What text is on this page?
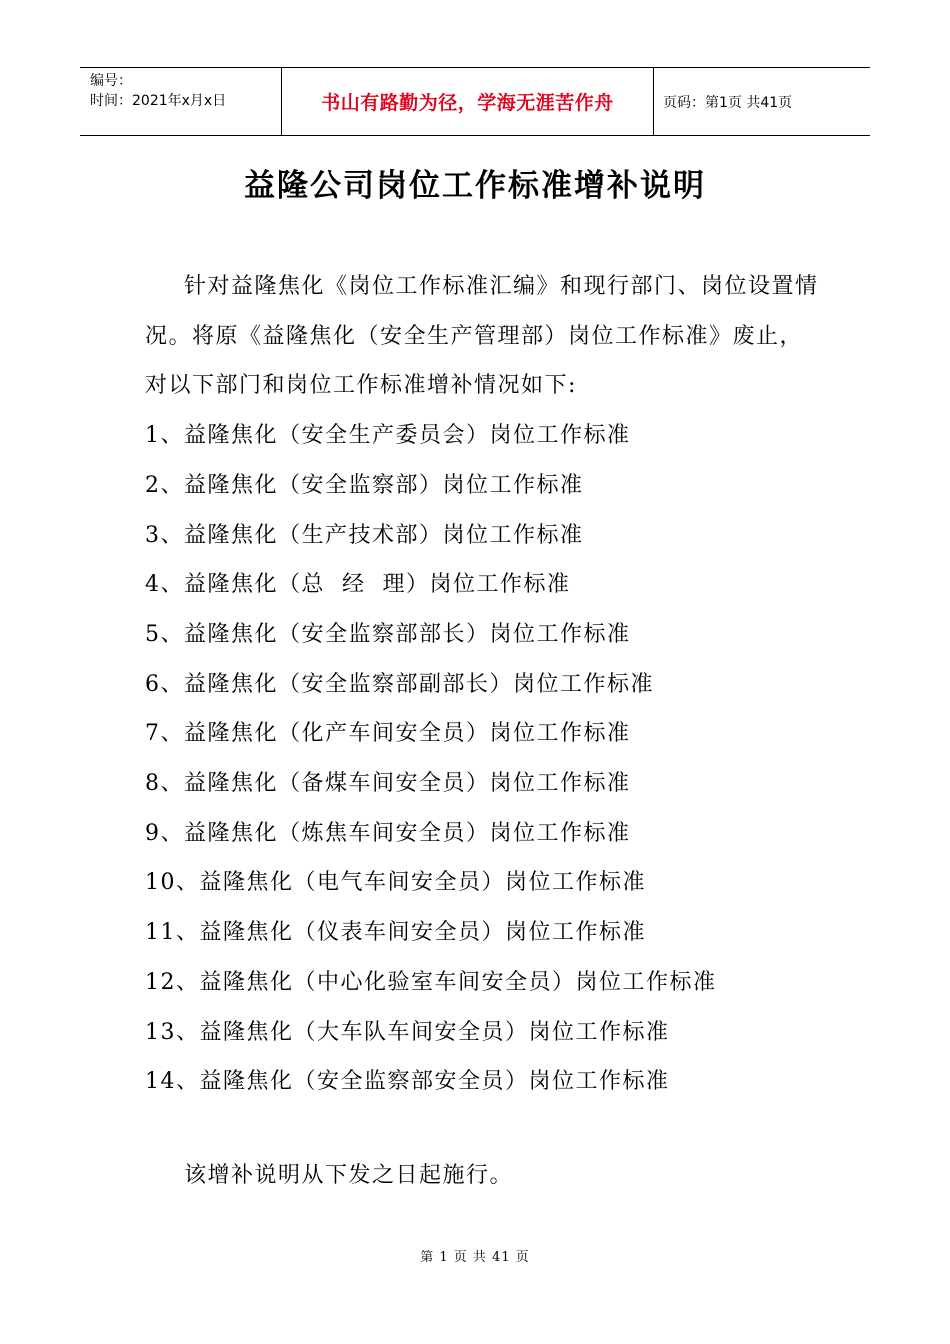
编号：
时间：2021年x月x日	书山有路勤为径，学海无涯苦作舟	页码：第1页 共41页
益隆公司岗位工作标准增补说明

针对益隆焦化《岗位工作标准汇编》和现行部门、岗位设置情况。将原《益隆焦化（安全生产管理部）岗位工作标准》废止，对以下部门和岗位工作标准增补情况如下:

1、益隆焦化（安全生产委员会）岗位工作标准
2、益隆焦化（安全监察部）岗位工作标准
3、益隆焦化（生产技术部）岗位工作标准
4、益隆焦化（总  经  理）岗位工作标准
5、益隆焦化（安全监察部部长）岗位工作标准
6、益隆焦化（安全监察部副部长）岗位工作标准
7、益隆焦化（化产车间安全员）岗位工作标准
8、益隆焦化（备煤车间安全员）岗位工作标准
9、益隆焦化（炼焦车间安全员）岗位工作标准
10、益隆焦化（电气车间安全员）岗位工作标准
11、益隆焦化（仪表车间安全员）岗位工作标准
12、益隆焦化（中心化验室车间安全员）岗位工作标准
13、益隆焦化（大车队车间安全员）岗位工作标准
14、益隆焦化（安全监察部安全员）岗位工作标准
该增补说明从下发之日起施行。
第 1 页 共 41 页
